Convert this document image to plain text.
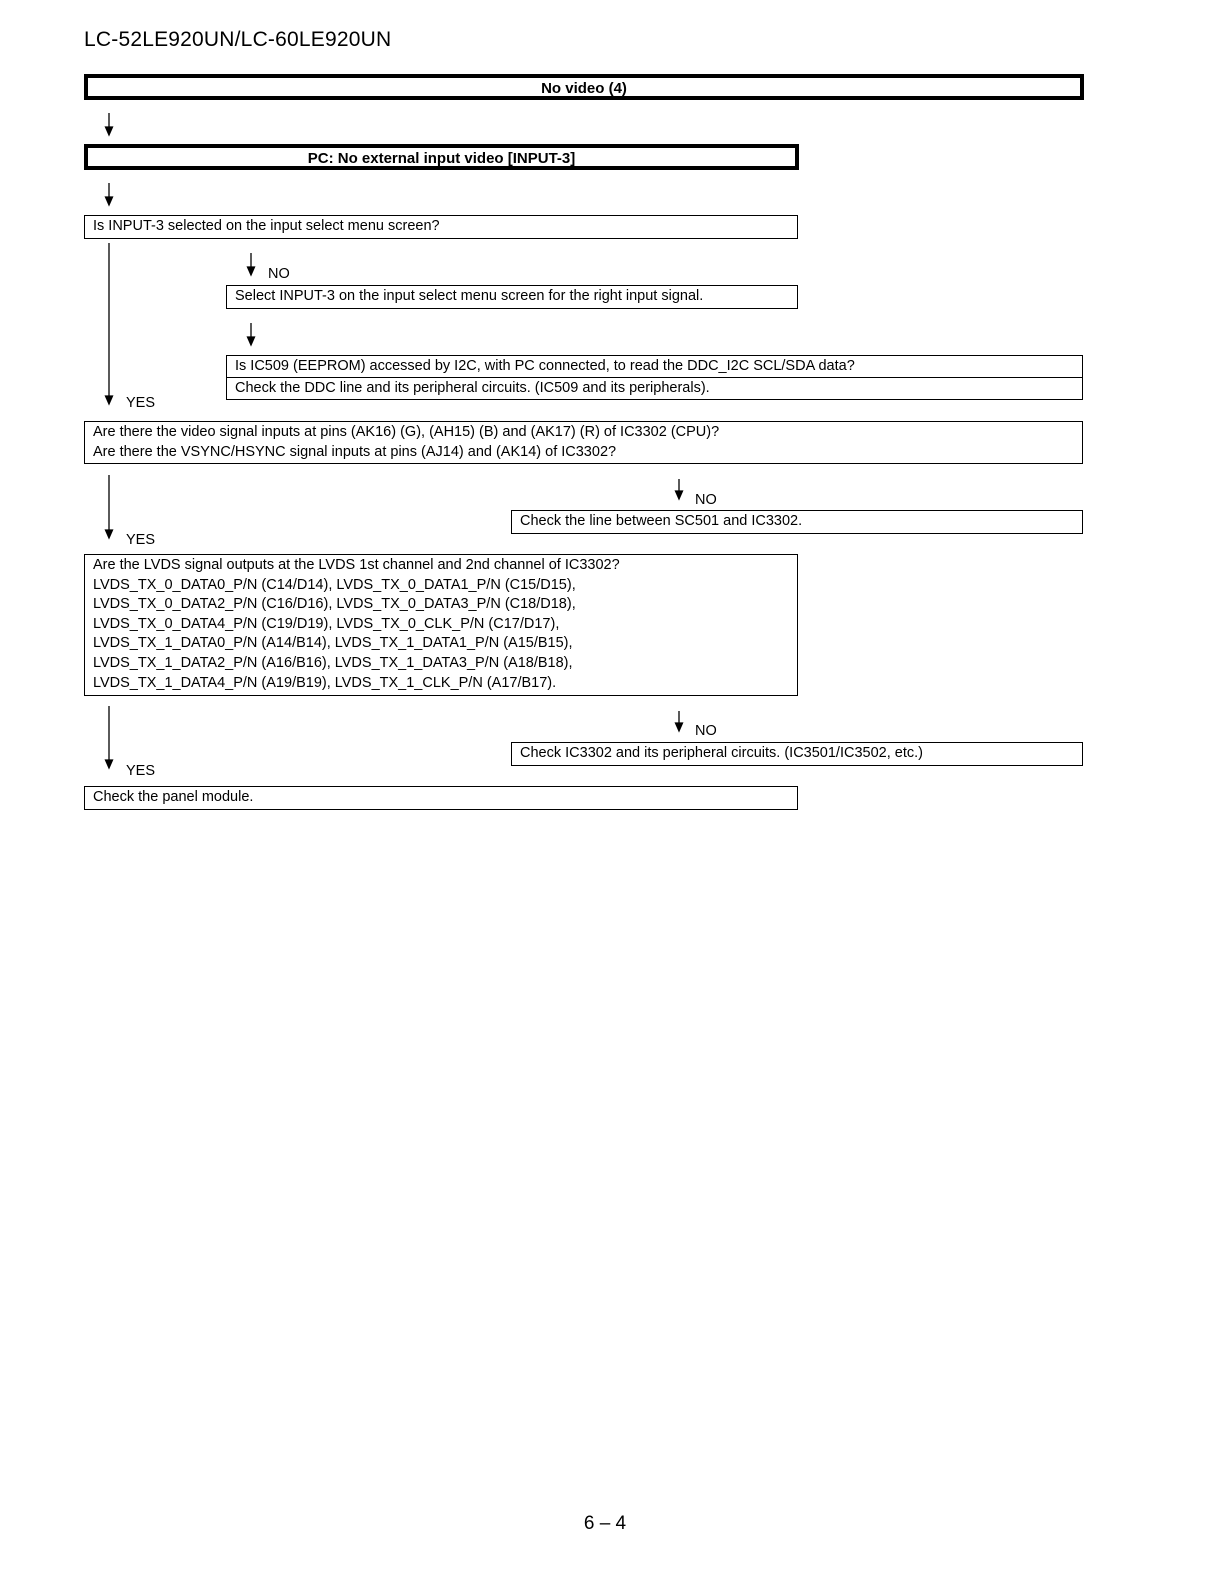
LC-52LE920UN/LC-60LE920UN
No video (4)
PC: No external input video [INPUT-3]
Is INPUT-3 selected on the input select menu screen?
Select INPUT-3 on the input select menu screen for the right input signal.
Is IC509 (EEPROM) accessed by I2C, with PC connected, to read the DDC_I2C SCL/SDA data?
Check the DDC line and its peripheral circuits. (IC509 and its peripherals).
Are there the video signal inputs at pins (AK16) (G), (AH15) (B) and (AK17) (R) of IC3302 (CPU)?
Are there the VSYNC/HSYNC signal inputs at pins (AJ14) and (AK14) of IC3302?
Check the line between SC501 and IC3302.
Are the LVDS signal outputs at the LVDS 1st channel and 2nd channel of IC3302?
LVDS_TX_0_DATA0_P/N (C14/D14), LVDS_TX_0_DATA1_P/N (C15/D15),
LVDS_TX_0_DATA2_P/N (C16/D16), LVDS_TX_0_DATA3_P/N (C18/D18),
LVDS_TX_0_DATA4_P/N (C19/D19), LVDS_TX_0_CLK_P/N (C17/D17),
LVDS_TX_1_DATA0_P/N (A14/B14), LVDS_TX_1_DATA1_P/N (A15/B15),
LVDS_TX_1_DATA2_P/N (A16/B16), LVDS_TX_1_DATA3_P/N (A18/B18),
LVDS_TX_1_DATA4_P/N (A19/B19), LVDS_TX_1_CLK_P/N (A17/B17).
Check IC3302 and its peripheral circuits. (IC3501/IC3502, etc.)
Check the panel module.
NO
YES
NO
YES
NO
YES
6 – 4
